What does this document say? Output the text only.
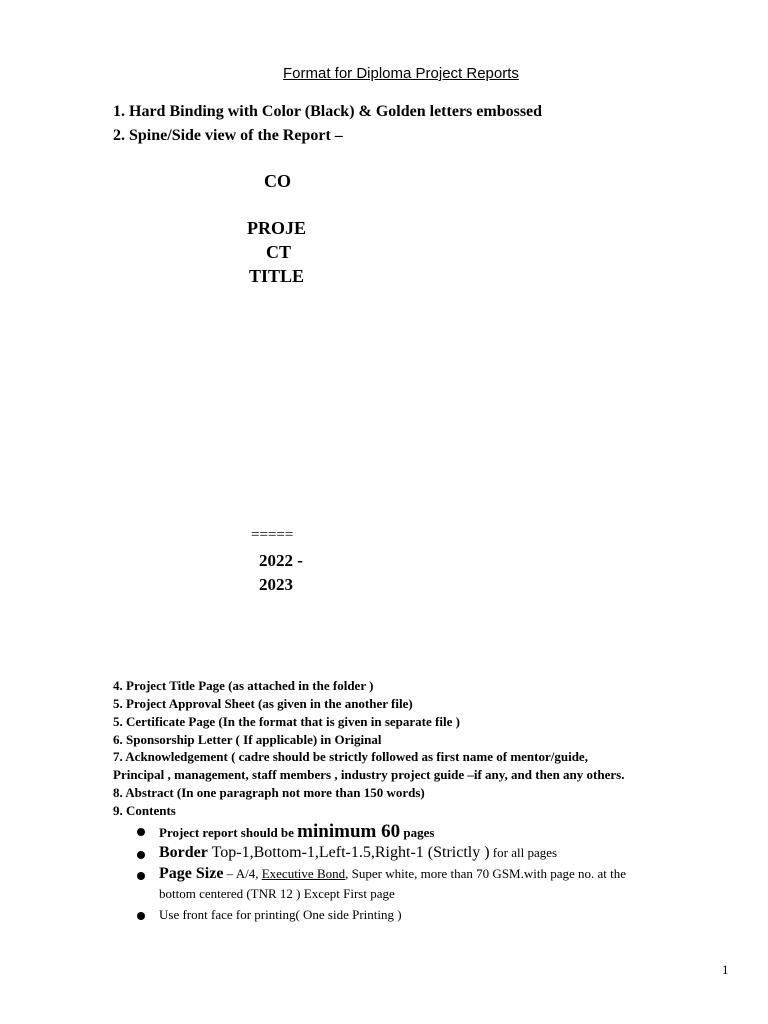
Format for Diploma Project Reports
1. Hard Binding with Color (Black) & Golden letters embossed
2. Spine/Side view of the Report –
CO
PROJE
CT
TITLE
=====
2022 -
2023
4. Project Title Page (as attached in the folder )
5. Project Approval Sheet (as given in the another file)
5. Certificate Page (In the format that is given in separate file )
6. Sponsorship Letter ( If applicable) in Original
7. Acknowledgement ( cadre should be strictly followed as first name of mentor/guide,
Principal , management, staff members , industry project guide –if any, and then any others.
8. Abstract (In one paragraph not more than 150 words)
9. Contents
Project report should be minimum 60 pages
Border Top-1,Bottom-1,Left-1.5,Right-1 (Strictly ) for all pages
Page Size – A/4, Executive Bond, Super white, more than 70 GSM.with page no. at the
bottom centered (TNR 12 ) Except First page
Use front face for printing( One side Printing )
1
